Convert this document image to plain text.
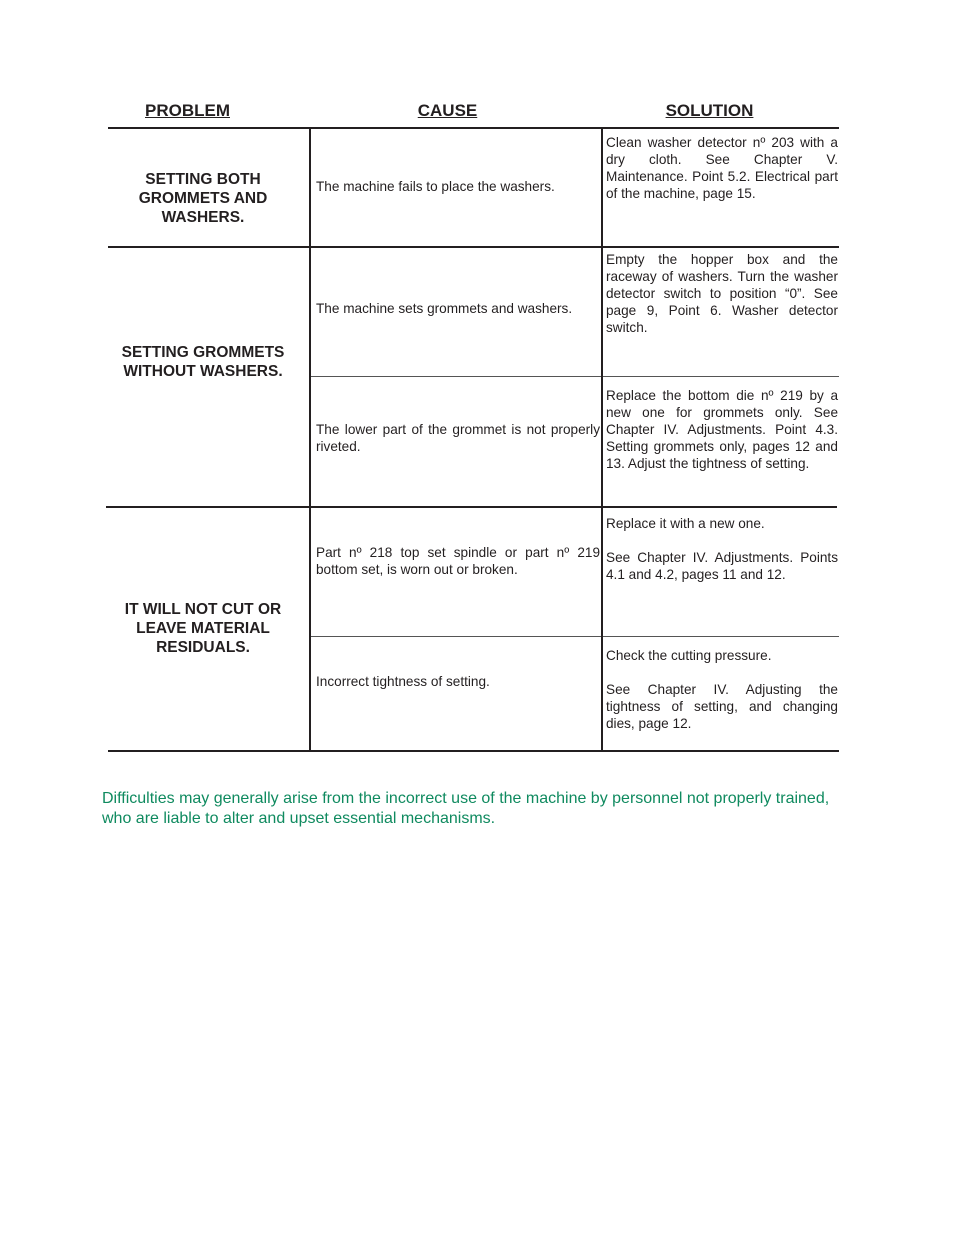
PROBLEM	CAUSE	SOLUTION
SETTING BOTH GROMMETS AND WASHERS.
The machine fails to place the washers.
Clean washer detector nº 203 with a dry cloth. See Chapter V. Maintenance. Point 5.2. Electrical part of the machine, page 15.
SETTING GROMMETS WITHOUT WASHERS.
The machine sets grommets and washers.
Empty the hopper box and the raceway of washers. Turn the washer detector switch to position “0”. See page 9, Point 6. Washer detector switch.
The lower part of the grommet is not properly riveted.
Replace the bottom die nº 219 by a new one for grommets only. See Chapter IV. Adjustments. Point 4.3. Setting grommets only, pages 12 and 13. Adjust the tightness of setting.
IT WILL NOT CUT OR LEAVE MATERIAL RESIDUALS.
Part nº 218 top set spindle or part nº 219 bottom set, is worn out or broken.
Replace it with a new one.
See Chapter IV. Adjustments. Points 4.1 and 4.2, pages 11 and 12.
Incorrect tightness of setting.
Check the cutting pressure.
See Chapter IV. Adjusting the tightness of setting, and changing dies, page 12.
Difficulties may generally arise from the incorrect use of the machine by personnel not properly trained, who are liable to alter and upset essential mechanisms.
